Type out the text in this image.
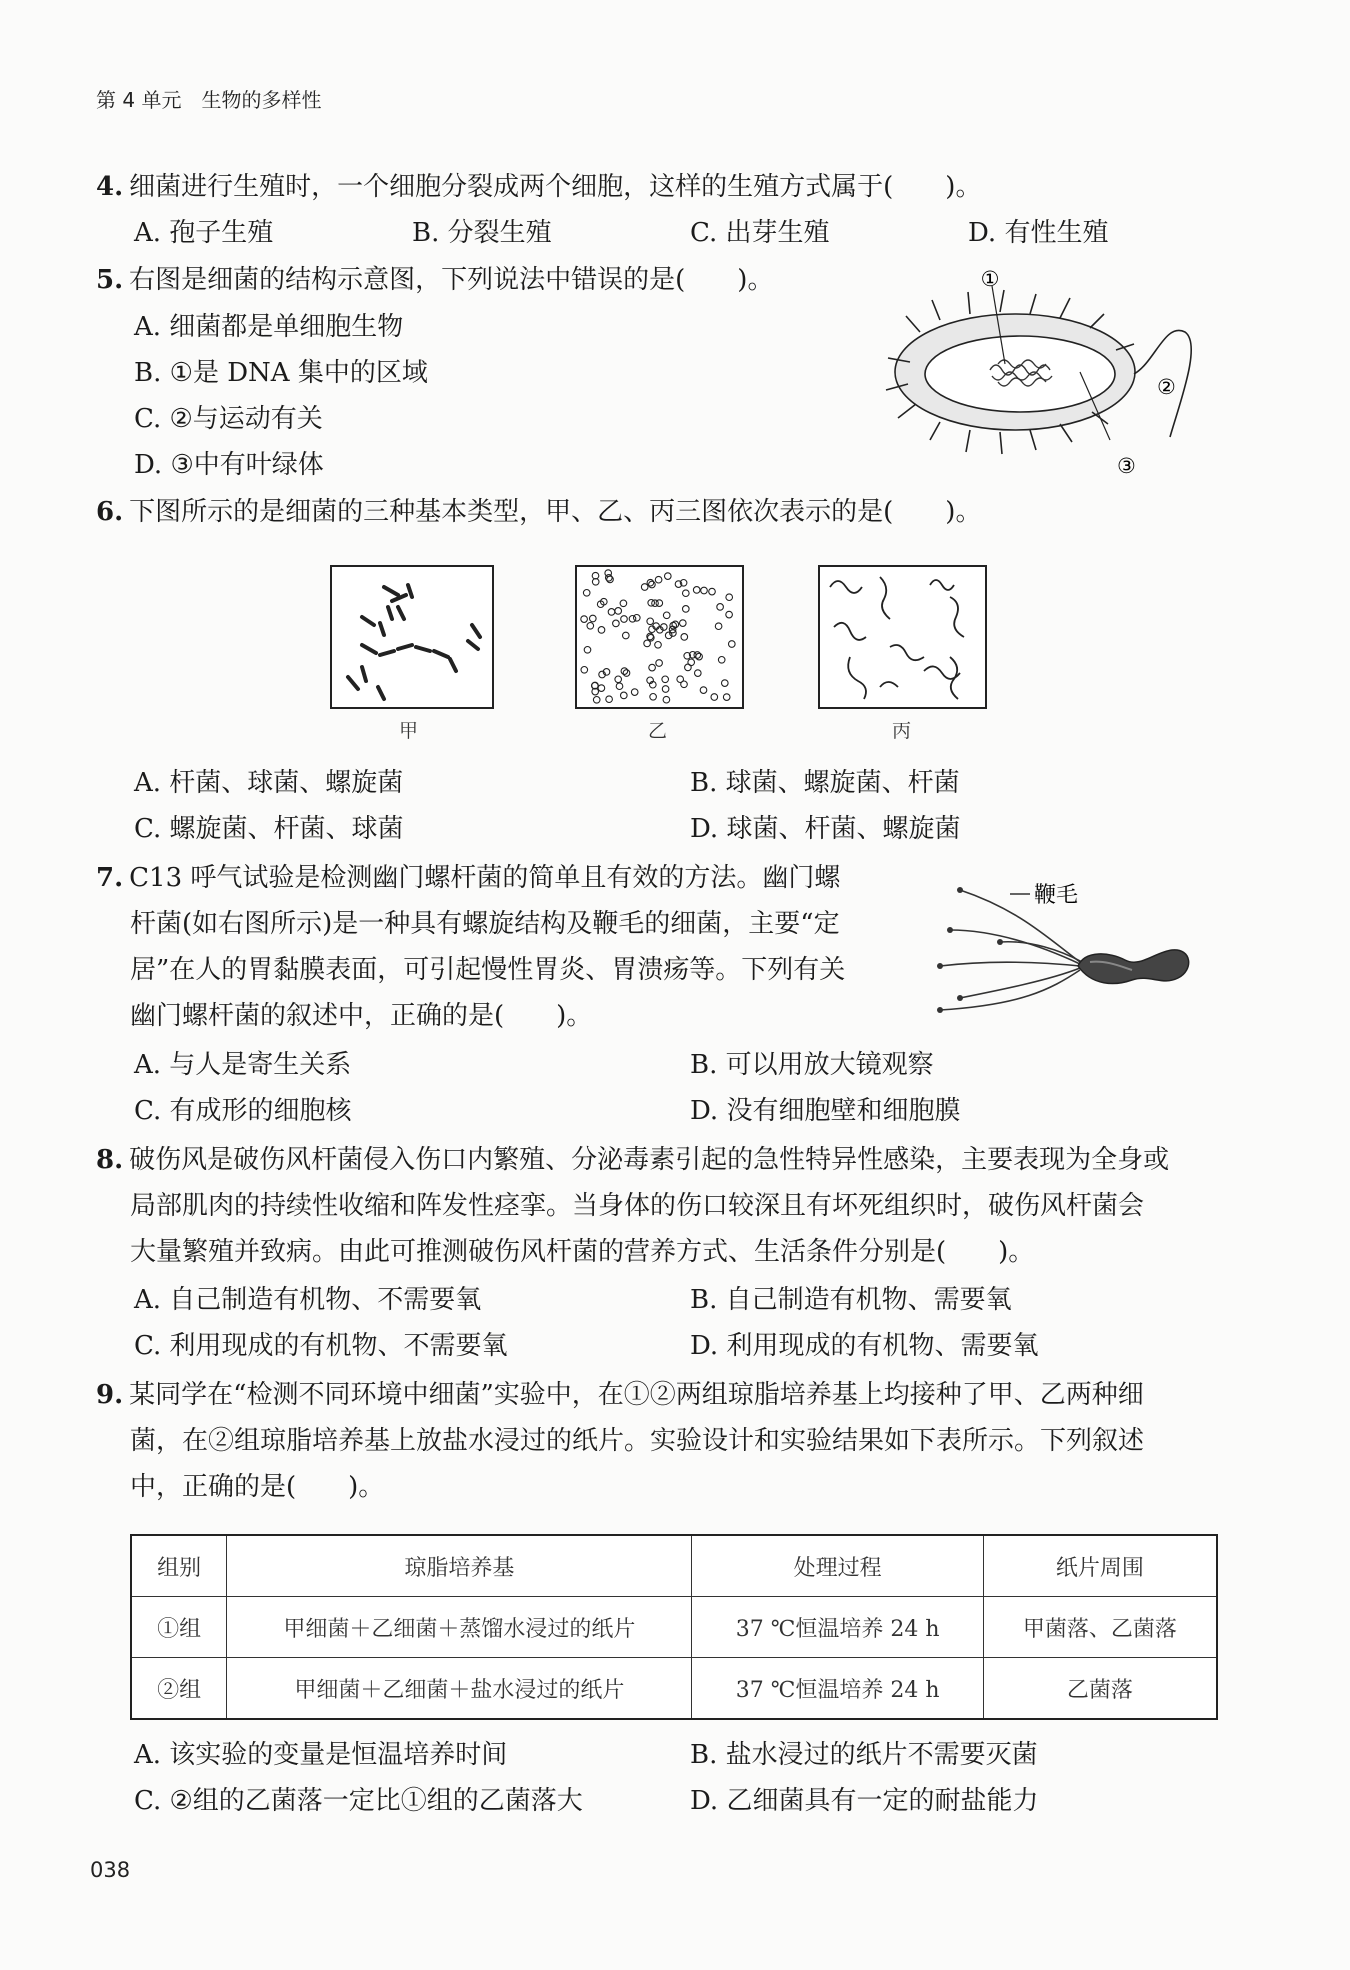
第 4 单元　生物的多样性
4. 细菌进行生殖时，一个细胞分裂成两个细胞，这样的生殖方式属于(　　)。
A. 孢子生殖	B. 分裂生殖	C. 出芽生殖	D. 有性生殖
5. 右图是细菌的结构示意图，下列说法中错误的是(　　)。
A. 细菌都是单细胞生物
B. ①是 DNA 集中的区域
C. ②与运动有关
D. ③中有叶绿体
①
②
③
6. 下图所示的是细菌的三种基本类型，甲、乙、丙三图依次表示的是(　　)。
甲	乙	丙
A. 杆菌、球菌、螺旋菌	B. 球菌、螺旋菌、杆菌
C. 螺旋菌、杆菌、球菌	D. 球菌、杆菌、螺旋菌
7. C13 呼气试验是检测幽门螺杆菌的简单且有效的方法。幽门螺
杆菌(如右图所示)是一种具有螺旋结构及鞭毛的细菌，主要“定
居”在人的胃黏膜表面，可引起慢性胃炎、胃溃疡等。下列有关
幽门螺杆菌的叙述中，正确的是(　　)。
鞭毛
A. 与人是寄生关系	B. 可以用放大镜观察
C. 有成形的细胞核	D. 没有细胞壁和细胞膜
8. 破伤风是破伤风杆菌侵入伤口内繁殖、分泌毒素引起的急性特异性感染，主要表现为全身或
局部肌肉的持续性收缩和阵发性痉挛。当身体的伤口较深且有坏死组织时，破伤风杆菌会
大量繁殖并致病。由此可推测破伤风杆菌的营养方式、生活条件分别是(　　)。
A. 自己制造有机物、不需要氧	B. 自己制造有机物、需要氧
C. 利用现成的有机物、不需要氧	D. 利用现成的有机物、需要氧
9. 某同学在“检测不同环境中细菌”实验中，在①②两组琼脂培养基上均接种了甲、乙两种细
菌，在②组琼脂培养基上放盐水浸过的纸片。实验设计和实验结果如下表所示。下列叙述
中，正确的是(　　)。
组别	琼脂培养基	处理过程	纸片周围
①组	甲细菌＋乙细菌＋蒸馏水浸过的纸片	37 ℃恒温培养 24 h	甲菌落、乙菌落
②组	甲细菌＋乙细菌＋盐水浸过的纸片	37 ℃恒温培养 24 h	乙菌落
A. 该实验的变量是恒温培养时间	B. 盐水浸过的纸片不需要灭菌
C. ②组的乙菌落一定比①组的乙菌落大	D. 乙细菌具有一定的耐盐能力
038
